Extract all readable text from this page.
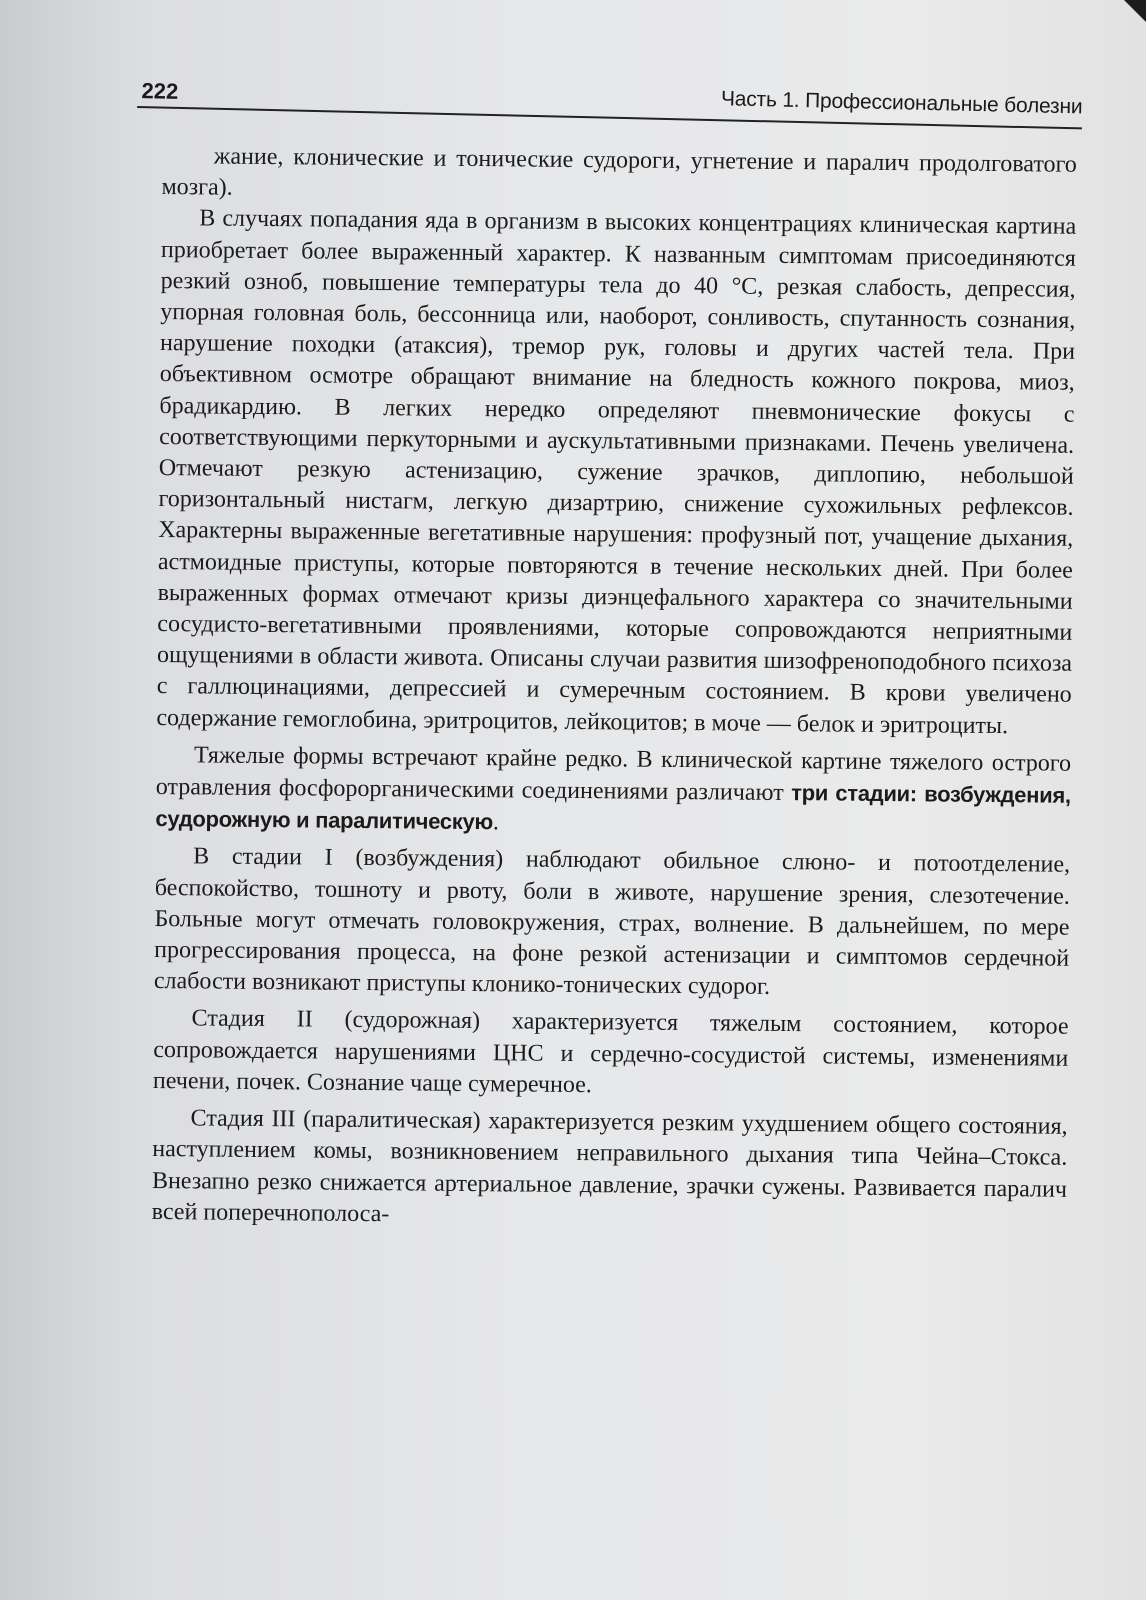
222	Часть 1. Профессиональные болезни

жание, клонические и тонические судороги, угнетение и паралич продолговатого мозга).

В случаях попадания яда в организм в высоких концентрациях клиническая картина приобретает более выраженный характер. К названным симптомам присоединяются резкий озноб, повышение температуры тела до 40 °С, резкая слабость, депрессия, упорная головная боль, бессонница или, наоборот, сонливость, спутанность сознания, нарушение походки (атаксия), тремор рук, головы и других частей тела. При объективном осмотре обращают внимание на бледность кожного покрова, миоз, брадикардию. В легких нередко определяют пневмонические фокусы с соответствующими перкуторными и аускультативными признаками. Печень увеличена. Отмечают резкую астенизацию, сужение зрачков, диплопию, небольшой горизонтальный нистагм, легкую дизартрию, снижение сухожильных рефлексов. Характерны выраженные вегетативные нарушения: профузный пот, учащение дыхания, астмоидные приступы, которые повторяются в течение нескольких дней. При более выраженных формах отмечают кризы диэнцефального характера со значительными сосудисто-вегетативными проявлениями, которые сопровождаются неприятными ощущениями в области живота. Описаны случаи развития шизофреноподобного психоза с галлюцинациями, депрессией и сумеречным состоянием. В крови увеличено содержание гемоглобина, эритроцитов, лейкоцитов; в моче — белок и эритроциты.

Тяжелые формы встречают крайне редко. В клинической картине тяжелого острого отравления фосфорорганическими соединениями различают три стадии: возбуждения, судорожную и паралитическую.

В стадии I (возбуждения) наблюдают обильное слюно- и потоотделение, беспокойство, тошноту и рвоту, боли в животе, нарушение зрения, слезотечение. Больные могут отмечать головокружения, страх, волнение. В дальнейшем, по мере прогрессирования процесса, на фоне резкой астенизации и симптомов сердечной слабости возникают приступы клонико-тонических судорог.

Стадия II (судорожная) характеризуется тяжелым состоянием, которое сопровождается нарушениями ЦНС и сердечно-сосудистой системы, изменениями печени, почек. Сознание чаще сумеречное.

Стадия III (паралитическая) характеризуется резким ухудшением общего состояния, наступлением комы, возникновением неправильного дыхания типа Чейна–Стокса. Внезапно резко снижается артериальное давление, зрачки сужены. Развивается паралич всей поперечнополоса-
